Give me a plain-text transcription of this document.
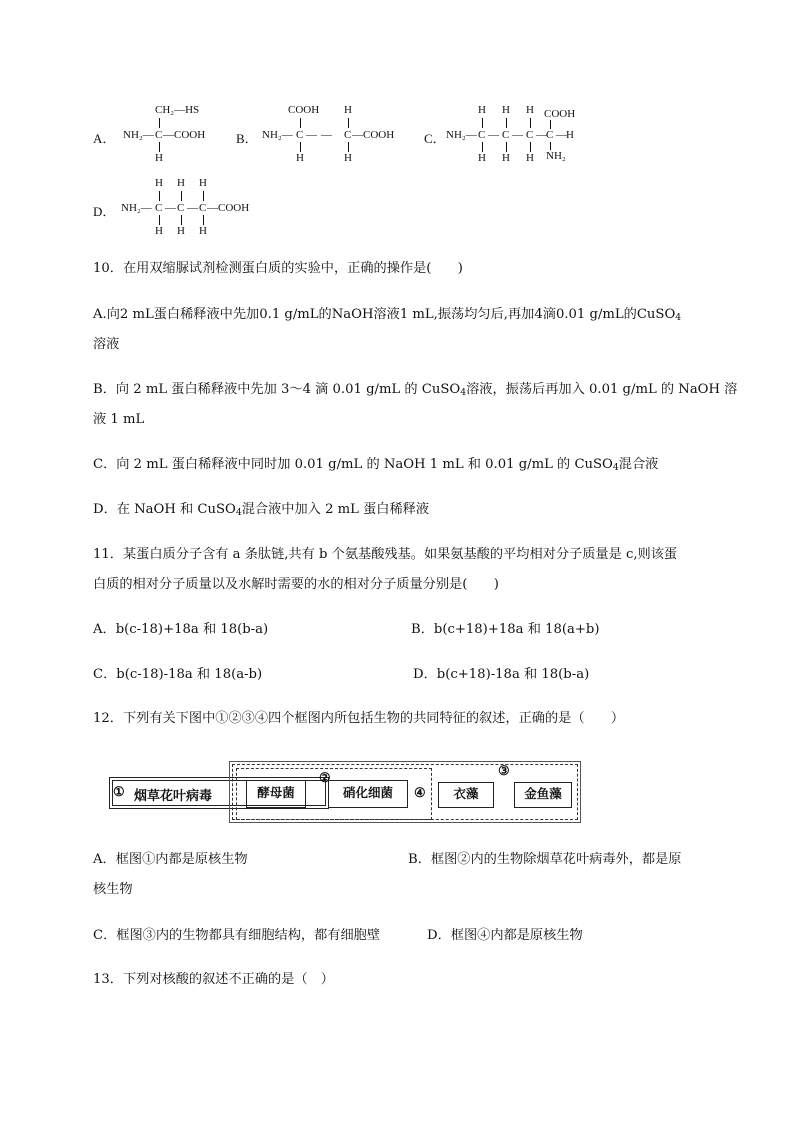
A．
CH₂—HS
NH₂— C —COOH
H
B．
COOH H
NH₂— C —— C —COOH
H	H
C．
H H H COOH
NH₂— C — C — C — C — H
H H H NH₂
D．
H H H
NH₂— C — C — C —COOH
H H H
10．在用双缩脲试剂检测蛋白质的实验中，正确的操作是(　　)
A.向2 mL蛋白稀释液中先加0.1 g/mL的NaOH溶液1 mL,振荡均匀后,再加4滴0.01 g/mL的CuSO$_4$
溶液
B．向 2 mL 蛋白稀释液中先加 3～4 滴 0.01 g/mL 的 CuSO$_4$溶液，振荡后再加入 0.01 g/mL 的 NaOH 溶
液 1 mL
C．向 2 mL 蛋白稀释液中同时加 0.01 g/mL 的 NaOH 1 mL 和 0.01 g/mL 的 CuSO$_4$混合液
D．在 NaOH 和 CuSO$_4$混合液中加入 2 mL 蛋白稀释液
11．某蛋白质分子含有 a 条肽链,共有 b 个氨基酸残基。如果氨基酸的平均相对分子质量是 c,则该蛋
白质的相对分子质量以及水解时需要的水的相对分子质量分别是(　　)
A．b(c-18)+18a 和 18(b-a)	B．b(c+18)+18a 和 18(a+b)
C．b(c-18)-18a 和 18(a-b)	D．b(c+18)-18a 和 18(b-a)
12．下列有关下图中①②③④四个框图内所包括生物的共同特征的叙述，正确的是（　　）
①
②	③
④
烟草花叶病毒	酵母菌	硝化细菌	衣藻	金鱼藻
A．框图①内都是原核生物	B．框图②内的生物除烟草花叶病毒外，都是原
核生物
C．框图③内的生物都具有细胞结构，都有细胞壁	D．框图④内都是原核生物
13．下列对核酸的叙述不正确的是（　）
